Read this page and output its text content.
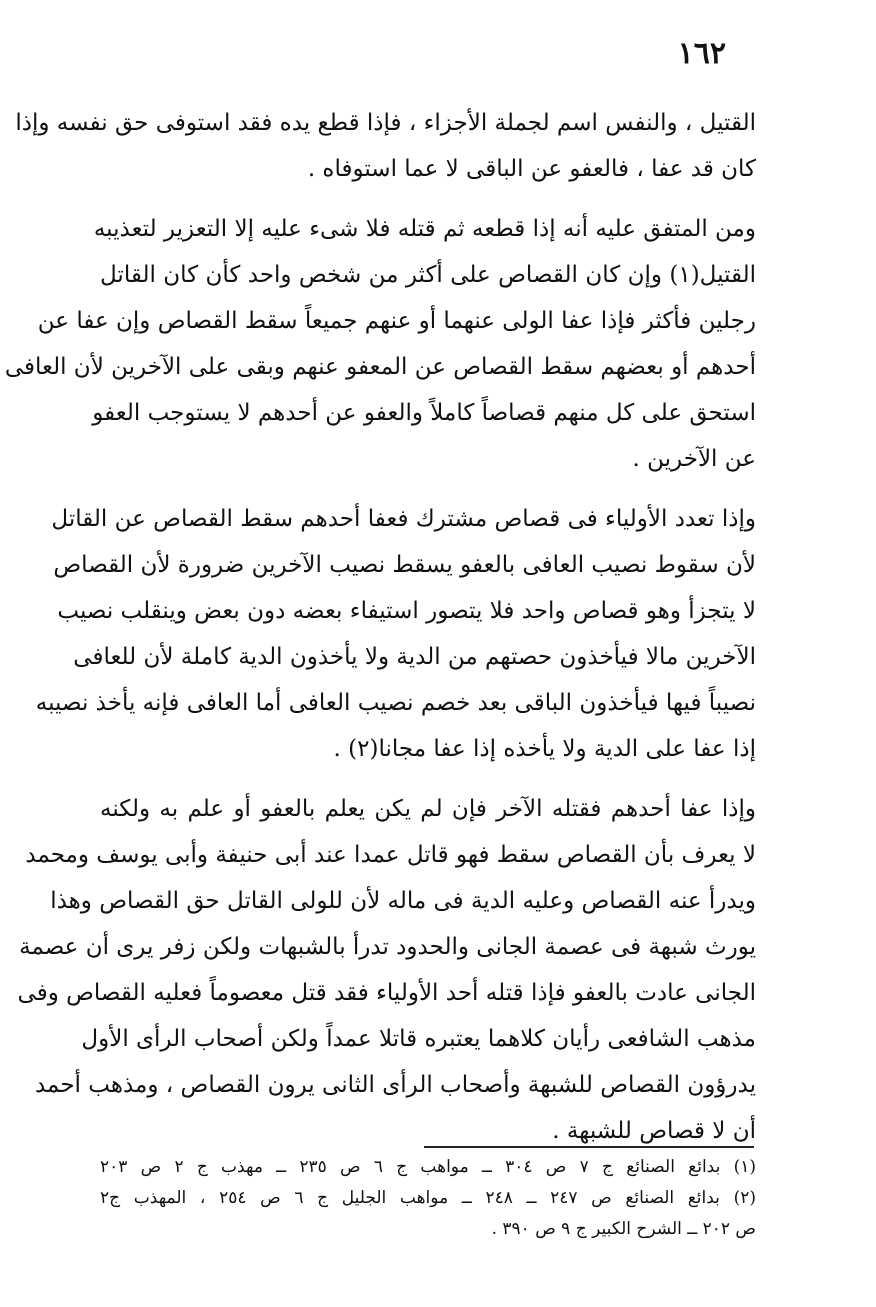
١٦٢
القتيل ، والنفس اسم لجملة الأجزاء ، فإذا قطع يده فقد استوفى حق نفسه وإذا
كان قد عفا ، فالعفو عن الباقى لا عما استوفاه .
ومن المتفق عليه أنه إذا قطعه ثم قتله فلا شىء عليه إلا التعزير لتعذيبه
القتيل(١) وإن كان القصاص على أكثر من شخص واحد كأن كان القاتل
رجلين فأكثر فإذا عفا الولى عنهما أو عنهم جميعاً سقط القصاص وإن عفا عن
أحدهم أو بعضهم سقط القصاص عن المعفو عنهم وبقى على الآخرين لأن العافى
استحق على كل منهم قصاصاً كاملاً والعفو عن أحدهم لا يستوجب العفو
عن الآخرين .
وإذا تعدد الأولياء فى قصاص مشترك فعفا أحدهم سقط القصاص عن القاتل
لأن سقوط نصيب العافى بالعفو يسقط نصيب الآخرين ضرورة لأن القصاص
لا يتجزأ وهو قصاص واحد فلا يتصور استيفاء بعضه دون بعض وينقلب نصيب
الآخرين مالا فيأخذون حصتهم من الدية ولا يأخذون الدية كاملة لأن للعافى
نصيباً فيها فيأخذون الباقى بعد خصم نصيب العافى أما العافى فإنه يأخذ نصيبه
إذا عفا على الدية ولا يأخذه إذا عفا مجانا(٢) .
وإذا عفا أحدهم فقتله الآخر فإن لم يكن يعلم بالعفو أو علم به ولكنه
لا يعرف بأن القصاص سقط فهو قاتل عمدا عند أبى حنيفة وأبى يوسف ومحمد
ويدرأ عنه القصاص وعليه الدية فى ماله لأن للولى القاتل حق القصاص وهذا
يورث شبهة فى عصمة الجانى والحدود تدرأ بالشبهات ولكن زفر يرى أن عصمة
الجانى عادت بالعفو فإذا قتله أحد الأولياء فقد قتل معصوماً فعليه القصاص وفى
مذهب الشافعى رأيان كلاهما يعتبره قاتلا عمداً ولكن أصحاب الرأى الأول
يدرؤون القصاص للشبهة وأصحاب الرأى الثانى يرون القصاص ، ومذهب أحمد
أن لا قصاص للشبهة .
(١) بدائع الصنائع ج ٧ ص ٣٠٤ ــ مواهب ج ٦ ص ٢٣٥ ــ مهذب ج ٢ ص ٢٠٣
(٢) بدائع الصنائع ص ٢٤٧ ــ ٢٤٨ ــ مواهب الجليل ج ٦ ص ٢٥٤ ، المهذب ج٢
ص ٢٠٢ ــ الشرح الكبير ج ٩ ص ٣٩٠ .
